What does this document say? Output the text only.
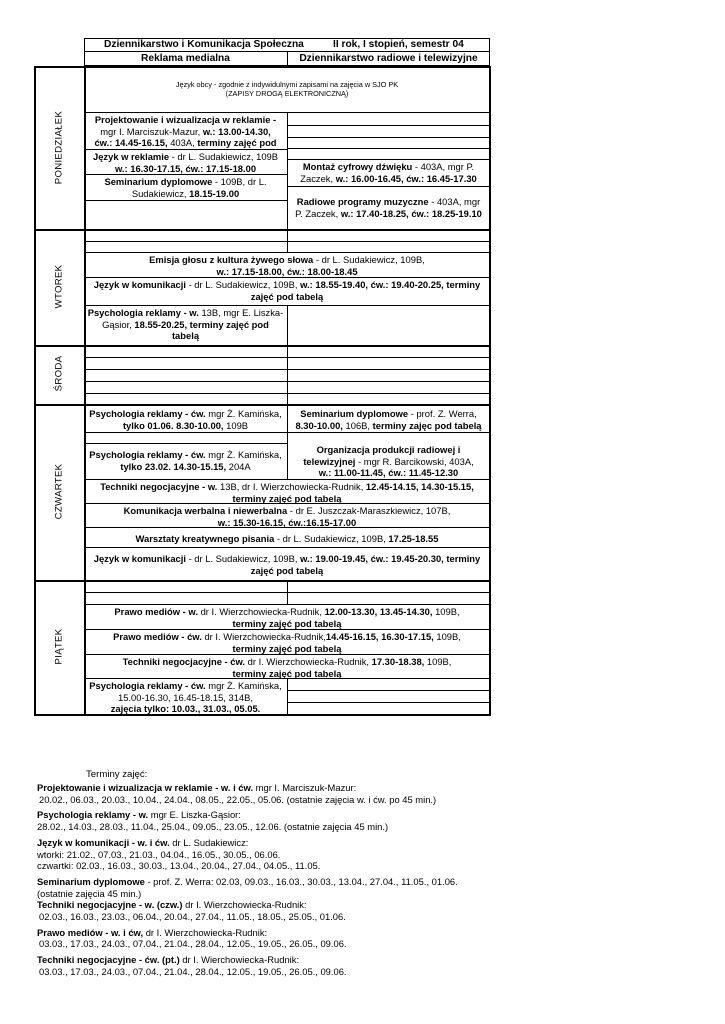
Dziennikarstwo i Komunikacja Społeczna	II rok, I stopień, semestr 04
Reklama medialna	Dziennikarstwo radiowe i telewizyjne
PONIEDZIAŁEK
WTOREK
ŚRODA
CZWARTEK
PIĄTEK
Język obcy - zgodnie z indywidulnymi zapisami na zajęcia w SJO PK
(ZAPISY DROGĄ ELEKTRONICZNĄ)
Projektowanie i wizualizacja w reklamie -
mgr I. Marciszuk-Mazur, w.: 13.00-14.30,
ćw.: 14.45-16.15, 403A, terminy zajęć pod
Język w reklamie - dr L. Sudakiewicz, 109B
w.: 16.30-17.15, ćw.: 17.15-18.00
Seminarium dyplomowe - 109B, dr L.
Sudakiewicz, 18.15-19.00
Montaż cyfrowy dźwięku - 403A, mgr P.
Zaczek, w.: 16.00-16.45, ćw.: 16.45-17.30
Radiowe programy muzyczne - 403A, mgr
P. Zaczek, w.: 17.40-18.25, ćw.: 18.25-19.10
Emisja głosu z kultura żywego słowa - dr L. Sudakiewicz, 109B,
w.: 17.15-18.00, ćw.: 18.00-18.45
Język w komunikacji - dr L. Sudakiewicz, 109B, w.: 18.55-19.40, ćw.: 19.40-20.25, terminy
zajęć pod tabelą
Psychologia reklamy - w. 13B, mgr E. Liszka-
Gąsior, 18.55-20.25, terminy zajęć pod
tabelą
Psychologia reklamy - ćw. mgr Ż. Kamińska,
tylko 01.06. 8.30-10.00, 109B
Seminarium dyplomowe - prof. Z. Werra,
8.30-10.00, 106B, terminy zajęc pod tabelą
Psychologia reklamy - ćw. mgr Ż. Kamińska,
tylko 23.02. 14.30-15.15, 204A
Organizacja produkcji radiowej i
telewizyjnej - mgr R. Barcikowski, 403A,
w.: 11.00-11.45, ćw.: 11.45-12.30
Techniki negocjacyjne - w. 13B, dr I. Wierzchowiecka-Rudnik, 12.45-14.15, 14.30-15.15,
terminy zajęć pod tabelą
Komunikacja werbalna i niewerbalna - dr E. Juszczak-Maraszkiewicz, 107B,
w.: 15.30-16.15, ćw.:16.15-17.00
Warsztaty kreatywnego pisania - dr L. Sudakiewicz, 109B, 17.25-18.55
Język w komunikacji - dr L. Sudakiewicz, 109B, w.: 19.00-19.45, ćw.: 19.45-20.30, terminy
zajęć pod tabelą
Prawo mediów - w. dr I. Wierzchowiecka-Rudnik, 12.00-13.30, 13.45-14.30, 109B,
terminy zajęć pod tabelą
Prawo mediów - ćw. dr I. Wierzchowiecka-Rudnik,14.45-16.15, 16.30-17.15, 109B,
terminy zajęć pod tabelą
Techniki negocjacyjne - ćw. dr I. Wierzchowiecka-Rudnik, 17.30-18.38, 109B,
terminy zajęć pod tabelą
Psychologia reklamy - ćw. mgr Ż. Kamińska,
15.00-16.30, 16.45-18.15, 314B,
zajęcia tylko: 10.03., 31.03., 05.05.
Terminy zajęć:
Projektowanie i wizualizacja w reklamie - w. i ćw. mgr I. Marciszuk-Mazur:
20.02., 06.03., 20.03., 10.04., 24.04., 08.05., 22.05., 05.06. (ostatnie zajęcia w. i ćw. po 45 min.)
Psychologia reklamy - w. mgr E. Liszka-Gąsior:
28.02., 14.03., 28.03., 11.04., 25.04., 09.05., 23.05., 12.06. (ostatnie zajęcia 45 min.)
Język w komunikacji - w. i ćw. dr L. Sudakiewicz:
wtorki: 21.02., 07.03., 21.03., 04.04., 16.05., 30.05., 06.06.
czwartki: 02.03., 16.03., 30.03., 13.04., 20.04., 27.04., 04.05., 11.05.
Seminarium dyplomowe - prof. Z. Werra: 02.03, 09.03., 16.03., 30.03., 13.04., 27.04., 11.05., 01.06.
(ostatnie zajęcia 45 min.)
Techniki negocjacyjne - w. (czw.) dr I. Wierzchowiecka-Rudnik:
02.03., 16.03., 23.03., 06.04., 20.04., 27.04., 11.05., 18.05., 25.05., 01.06.
Prawo mediów - w. i ćw, dr I. Wierzchowiecka-Rudnik:
03.03., 17.03., 24.03., 07.04., 21.04., 28.04., 12.05., 19.05., 26.05., 09.06.
Techniki negocjacyjne - ćw. (pt.) dr I. Wierchowiecka-Rudnik:
03.03., 17.03., 24.03., 07.04., 21.04., 28.04., 12.05., 19.05., 26.05., 09.06.
